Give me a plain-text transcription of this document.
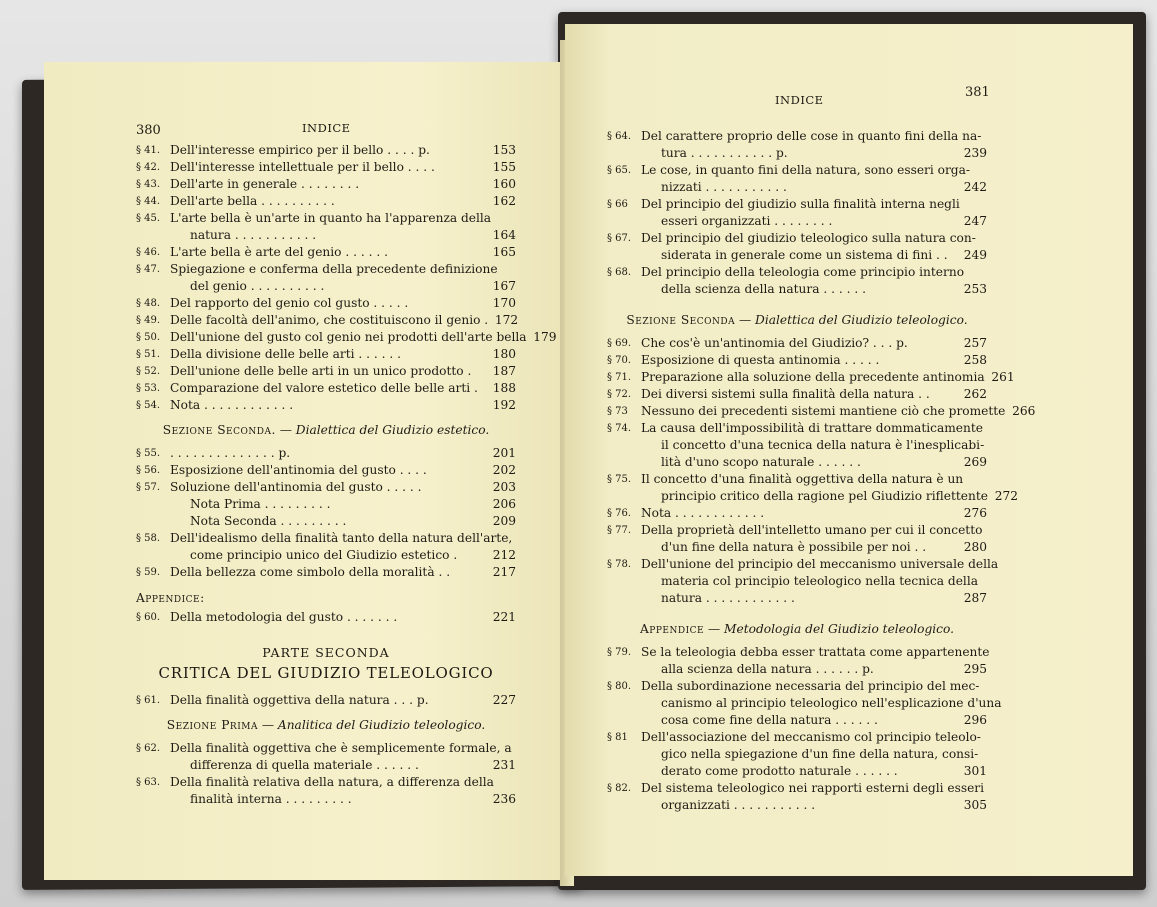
380	INDICE
§ 41. Dell'interesse empirico per il bello . . . . p.	153
§ 42. Dell'interesse intellettuale per il bello . . . .	155
§ 43. Dell'arte in generale . . . . . . . .	160
§ 44. Dell'arte bella . . . . . . . . . .	162
§ 45. L'arte bella è un'arte in quanto ha l'apparenza della
natura . . . . . . . . . . .	164
§ 46. L'arte bella è arte del genio . . . . . .	165
§ 47. Spiegazione e conferma della precedente definizione
del genio . . . . . . . . . .	167
§ 48. Del rapporto del genio col gusto . . . . .	170
§ 49. Delle facoltà dell'animo, che costituiscono il genio . 172
§ 50. Dell'unione del gusto col genio nei prodotti dell'arte bella 179
§ 51. Della divisione delle belle arti . . . . . .	180
§ 52. Dell'unione delle belle arti in un unico prodotto .	187
§ 53. Comparazione del valore estetico delle belle arti .	188
§ 54. Nota . . . . . . . . . . . .	192
Sezione Seconda. — Dialettica del Giudizio estetico.
§ 55. . . . . . . . . . . . . . . p.	201
§ 56. Esposizione dell'antinomia del gusto . . . .	202
§ 57. Soluzione dell'antinomia del gusto . . . . .	203
Nota Prima . . . . . . . . .	206
Nota Seconda . . . . . . . . .	209
§ 58. Dell'idealismo della finalità tanto della natura dell'arte,
come principio unico del Giudizio estetico .	212
§ 59. Della bellezza come simbolo della moralità . .	217
Appendice:
§ 60. Della metodologia del gusto . . . . . . .	221
PARTE SECONDA
CRITICA DEL GIUDIZIO TELEOLOGICO
§ 61. Della finalità oggettiva della natura . . . p.	227
Sezione Prima — Analitica del Giudizio teleologico.
§ 62. Della finalità oggettiva che è semplicemente formale, a
differenza di quella materiale . . . . . .	231
§ 63. Della finalità relativa della natura, a differenza della
finalità interna . . . . . . . . .	236
INDICE	381
§ 64. Del carattere proprio delle cose in quanto fini della na-
tura . . . . . . . . . . . p.	239
§ 65. Le cose, in quanto fini della natura, sono esseri orga-
nizzati . . . . . . . . . . .	242
§ 66	Del principio del giudizio sulla finalità interna negli
esseri organizzati . . . . . . . .	247
§ 67. Del principio del giudizio teleologico sulla natura con-
siderata in generale come un sistema di fini . .	249
§ 68. Del principio della teleologia come principio interno
della scienza della natura . . . . . .	253
Sezione Seconda — Dialettica del Giudizio teleologico.
§ 69. Che cos'è un'antinomia del Giudizio? . . . p.	257
§ 70. Esposizione di questa antinomia . . . . .	258
§ 71. Preparazione alla soluzione della precedente antinomia 261
§ 72. Dei diversi sistemi sulla finalità della natura . .	262
§ 73	Nessuno dei precedenti sistemi mantiene ciò che promette 266
§ 74. La causa dell'impossibilità di trattare dommaticamente
il concetto d'una tecnica della natura è l'inesplicabi-
lità d'uno scopo naturale . . . . . .	269
§ 75. Il concetto d'una finalità oggettiva della natura è un
principio critico della ragione pel Giudizio riflettente 272
§ 76. Nota . . . . . . . . . . . .	276
§ 77. Della proprietà dell'intelletto umano per cui il concetto
d'un fine della natura è possibile per noi . .	280
§ 78. Dell'unione del principio del meccanismo universale della
materia col principio teleologico nella tecnica della
natura . . . . . . . . . . . .	287
Appendice — Metodologia del Giudizio teleologico.
§ 79. Se la teleologia debba esser trattata come appartenente
alla scienza della natura . . . . . . p.	295
§ 80. Della subordinazione necessaria del principio del mec-
canismo al principio teleologico nell'esplicazione d'una
cosa come fine della natura . . . . . .	296
§ 81	Dell'associazione del meccanismo col principio teleolo-
gico nella spiegazione d'un fine della natura, consi-
derato come prodotto naturale . . . . . .	301
§ 82. Del sistema teleologico nei rapporti esterni degli esseri
organizzati . . . . . . . . . . .	305
